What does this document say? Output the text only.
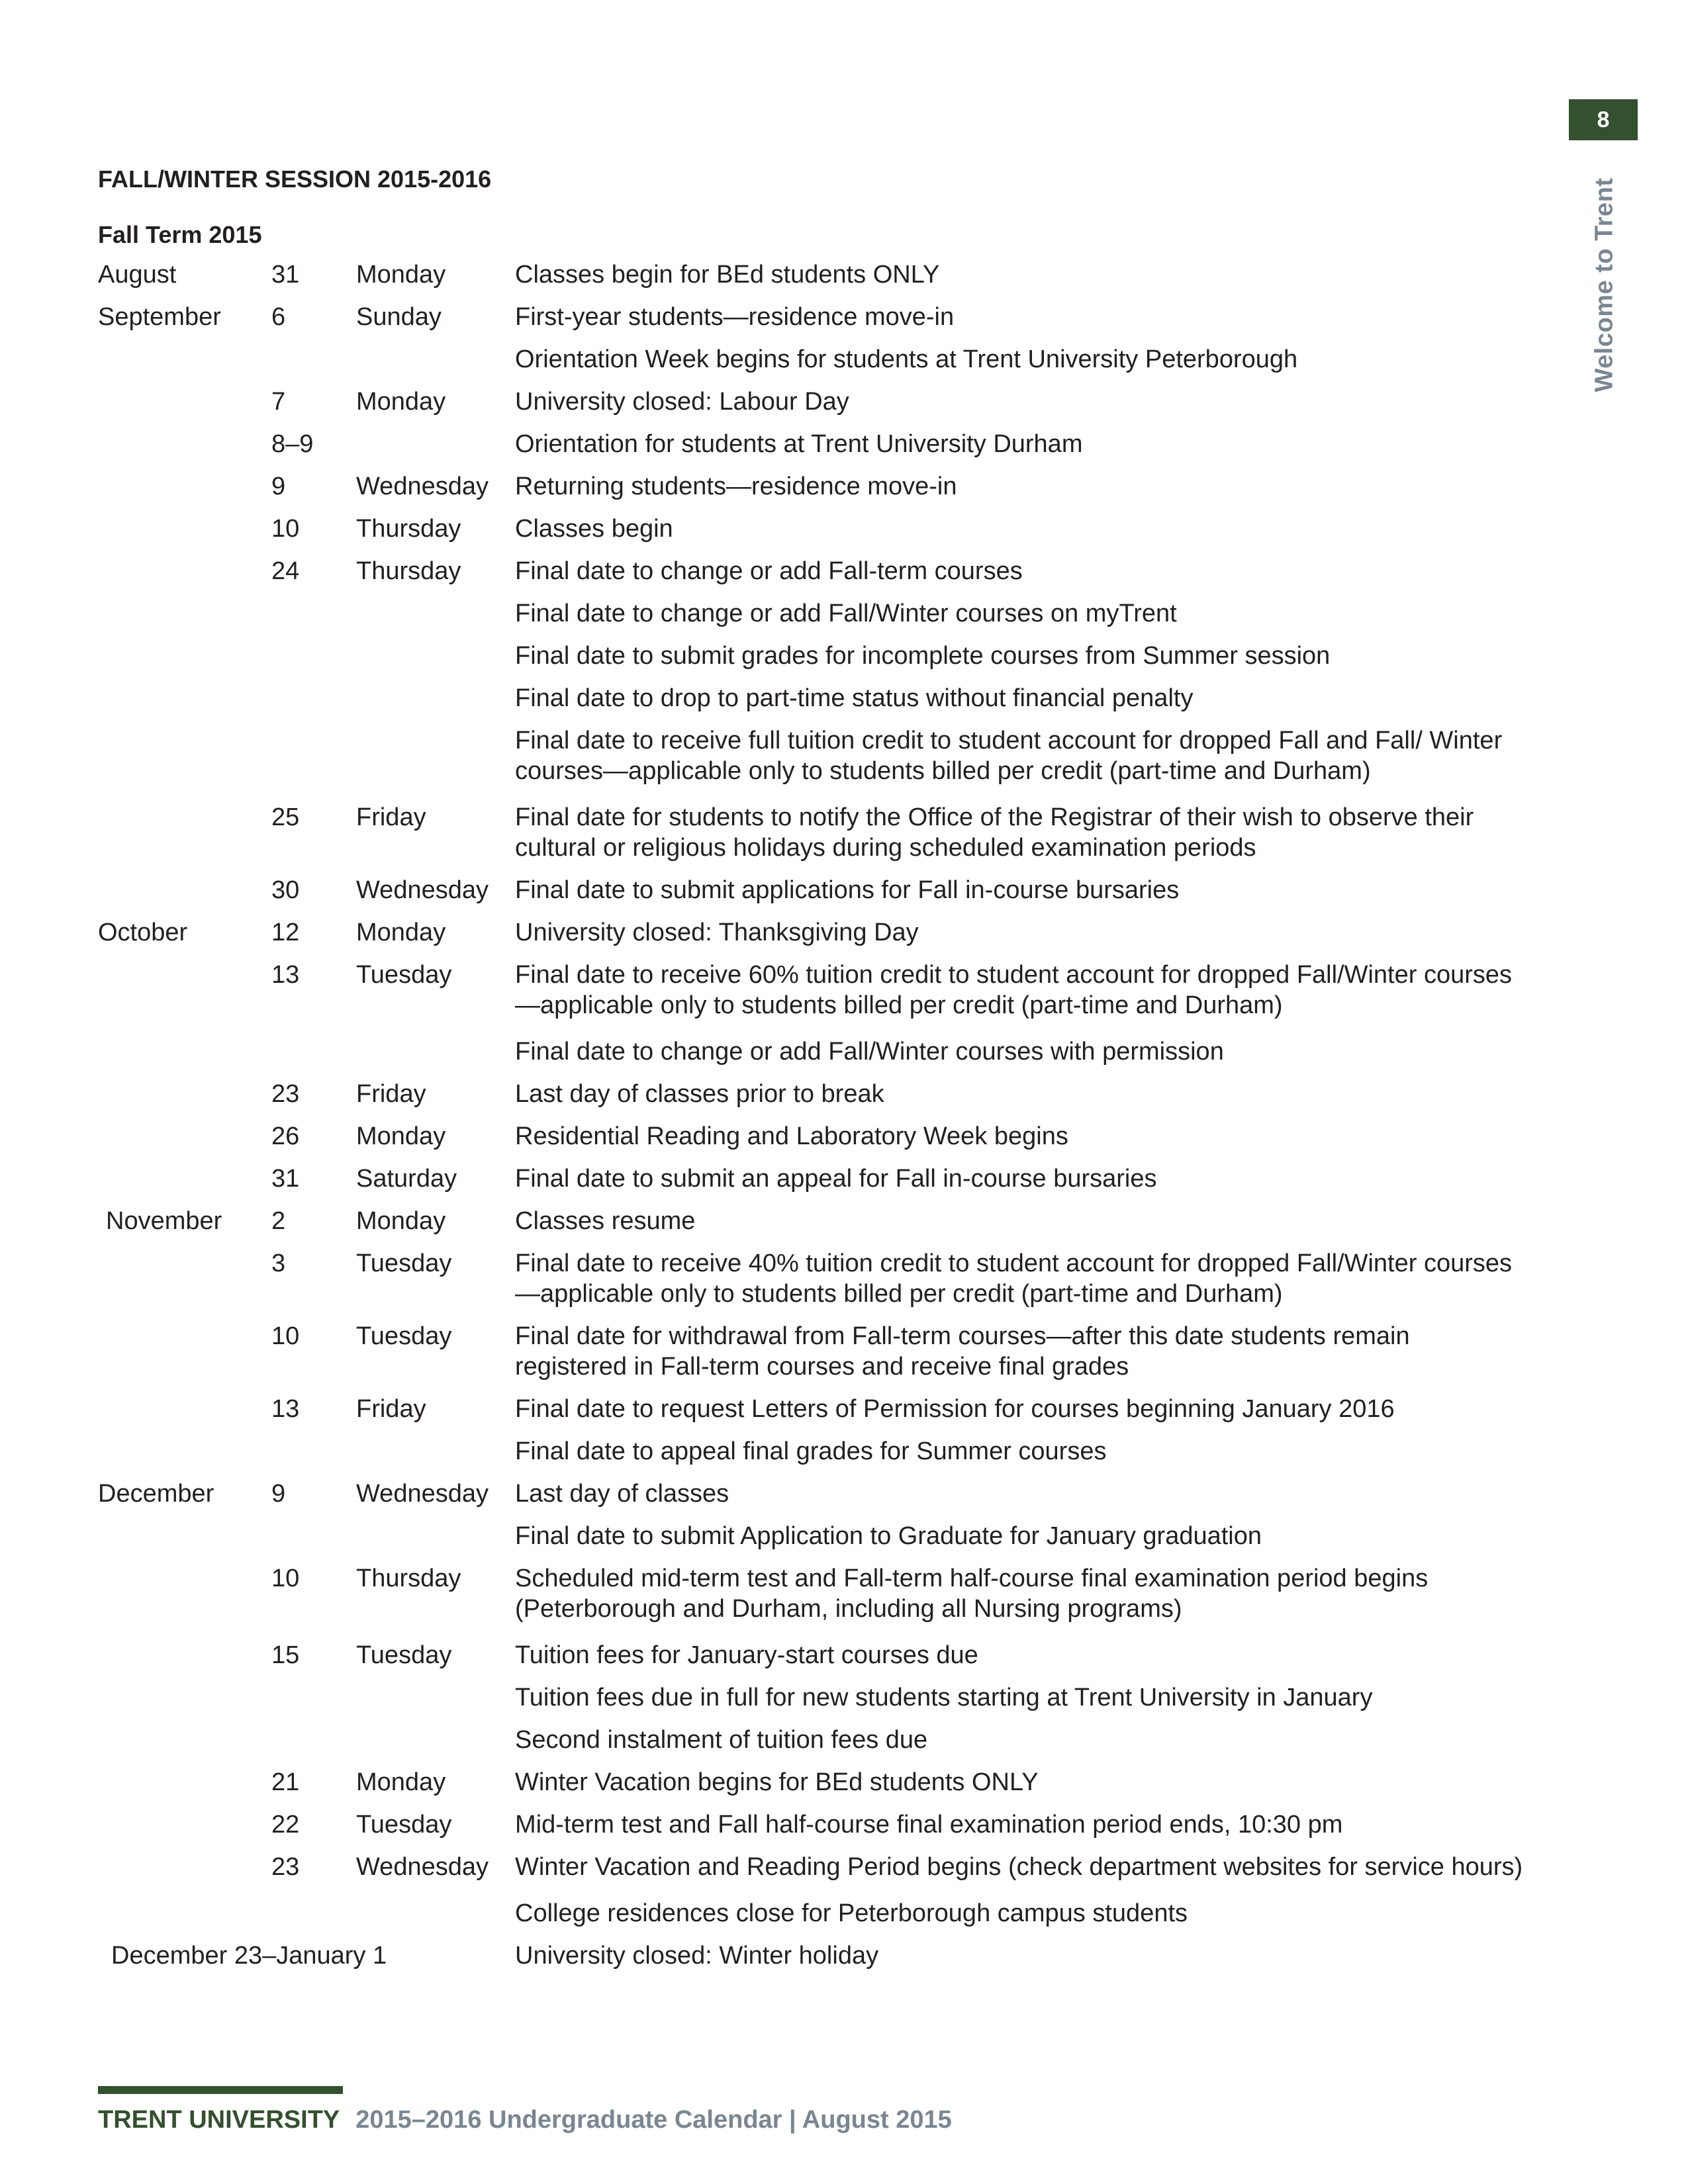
8
Welcome to Trent
FALL/WINTER SESSION 2015-2016
Fall Term 2015
August	31	Monday	Classes begin for BEd students ONLY
September	6	Sunday	First-year students—residence move-in
Orientation Week begins for students at Trent University Peterborough
7	Monday	University closed: Labour Day
8–9	Orientation for students at Trent University Durham
9	Wednesday	Returning students—residence move-in
10	Thursday	Classes begin
24	Thursday	Final date to change or add Fall-term courses
Final date to change or add Fall/Winter courses on myTrent
Final date to submit grades for incomplete courses from Summer session
Final date to drop to part-time status without financial penalty
Final date to receive full tuition credit to student account for dropped Fall and Fall/ Winter courses—applicable only to students billed per credit (part-time and Durham)
25	Friday	Final date for students to notify the Office of the Registrar of their wish to observe their cultural or religious holidays during scheduled examination periods
30	Wednesday	Final date to submit applications for Fall in-course bursaries
October	12	Monday	University closed: Thanksgiving Day
13	Tuesday	Final date to receive 60% tuition credit to student account for dropped Fall/Winter courses—applicable only to students billed per credit (part-time and Durham)
Final date to change or add Fall/Winter courses with permission
23	Friday	Last day of classes prior to break
26	Monday	Residential Reading and Laboratory Week begins
31	Saturday	Final date to submit an appeal for Fall in-course bursaries
November	2	Monday	Classes resume
3	Tuesday	Final date to receive 40% tuition credit to student account for dropped Fall/Winter courses—applicable only to students billed per credit (part-time and Durham)
10	Tuesday	Final date for withdrawal from Fall-term courses—after this date students remain registered in Fall-term courses and receive final grades
13	Friday	Final date to request Letters of Permission for courses beginning January 2016
Final date to appeal final grades for Summer courses
December	9	Wednesday	Last day of classes
Final date to submit Application to Graduate for January graduation
10	Thursday	Scheduled mid-term test and Fall-term half-course final examination period begins (Peterborough and Durham, including all Nursing programs)
15	Tuesday	Tuition fees for January-start courses due
Tuition fees due in full for new students starting at Trent University in January
Second instalment of tuition fees due
21	Monday	Winter Vacation begins for BEd students ONLY
22	Tuesday	Mid-term test and Fall half-course final examination period ends, 10:30 pm
23	Wednesday	Winter Vacation and Reading Period begins (check department websites for service hours)
College residences close for Peterborough campus students
December 23–January 1	University closed: Winter holiday
TRENT UNIVERSITY 2015–2016 Undergraduate Calendar | August 2015
